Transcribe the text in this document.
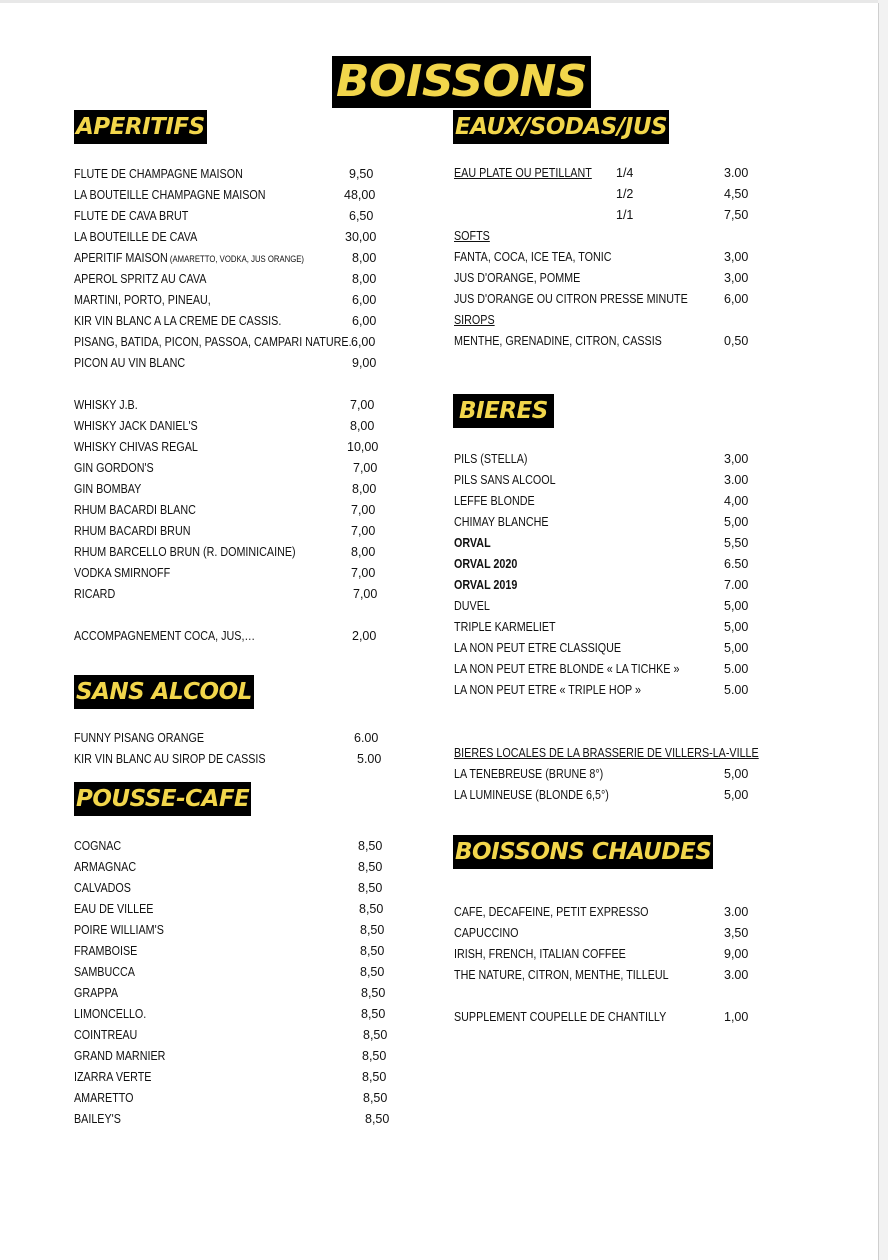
BOISSONS
APERITIFS	EAUX/SODAS/JUS
BIERES
SANS ALCOOL
POUSSE-CAFE
BOISSONS CHAUDES
FLUTE DE CHAMPAGNE MAISON	9,50
LA BOUTEILLE CHAMPAGNE MAISON	48,00
FLUTE DE CAVA BRUT	6,50
LA BOUTEILLE DE CAVA	30,00
APERITIF MAISON (AMARETTO, VODKA, JUS ORANGE)	8,00
APEROL SPRITZ AU CAVA	8,00
MARTINI, PORTO, PINEAU,	6,00
KIR VIN BLANC A LA CREME DE CASSIS.	6,00
PISANG, BATIDA, PICON, PASSOA, CAMPARI NATURE. 6,00
PICON AU VIN BLANC	9,00
WHISKY J.B.	7,00
WHISKY JACK DANIEL'S	8,00
WHISKY CHIVAS REGAL	10,00
GIN GORDON'S	7,00
GIN BOMBAY	8,00
RHUM BACARDI BLANC	7,00
RHUM BACARDI BRUN	7,00
RHUM BARCELLO BRUN (R. DOMINICAINE)	8,00
VODKA SMIRNOFF	7,00
RICARD	7,00
ACCOMPAGNEMENT COCA, JUS,…	2,00
FUNNY PISANG ORANGE	6.00
KIR VIN BLANC AU SIROP DE CASSIS	5.00
COGNAC	8,50
ARMAGNAC	8,50
CALVADOS	8,50
EAU DE VILLEE	8,50
POIRE WILLIAM'S	8,50
FRAMBOISE	8,50
SAMBUCCA	8,50
GRAPPA	8,50
LIMONCELLO.	8,50
COINTREAU	8,50
GRAND MARNIER	8,50
IZARRA VERTE	8,50
AMARETTO	8,50
BAILEY'S	8,50
EAU PLATE OU PETILLANT 1/4	3.00
1/2	4,50
1/1	7,50
SOFTS
FANTA, COCA, ICE TEA, TONIC	3,00
JUS D'ORANGE, POMME	3,00
JUS D'ORANGE OU CITRON PRESSE MINUTE	6,00
SIROPS
MENTHE, GRENADINE, CITRON, CASSIS	0,50
PILS (STELLA)	3,00
PILS SANS ALCOOL	3.00
LEFFE BLONDE	4,00
CHIMAY BLANCHE	5,00
ORVAL	5,50
ORVAL 2020	6.50
ORVAL 2019	7.00
DUVEL	5,00
TRIPLE KARMELIET	5,00
LA NON PEUT ETRE CLASSIQUE	5,00
LA NON PEUT ETRE BLONDE « LA TICHKE »	5.00
LA NON PEUT ETRE « TRIPLE HOP »	5.00
BIERES LOCALES DE LA BRASSERIE DE VILLERS-LA-VILLE
LA TENEBREUSE (BRUNE 8°)	5,00
LA LUMINEUSE (BLONDE 6,5°)	5,00
CAFE, DECAFEINE, PETIT EXPRESSO	3.00
CAPUCCINO	3,50
IRISH, FRENCH, ITALIAN COFFEE	9,00
THE NATURE, CITRON, MENTHE, TILLEUL	3.00
SUPPLEMENT COUPELLE DE CHANTILLY	1,00
